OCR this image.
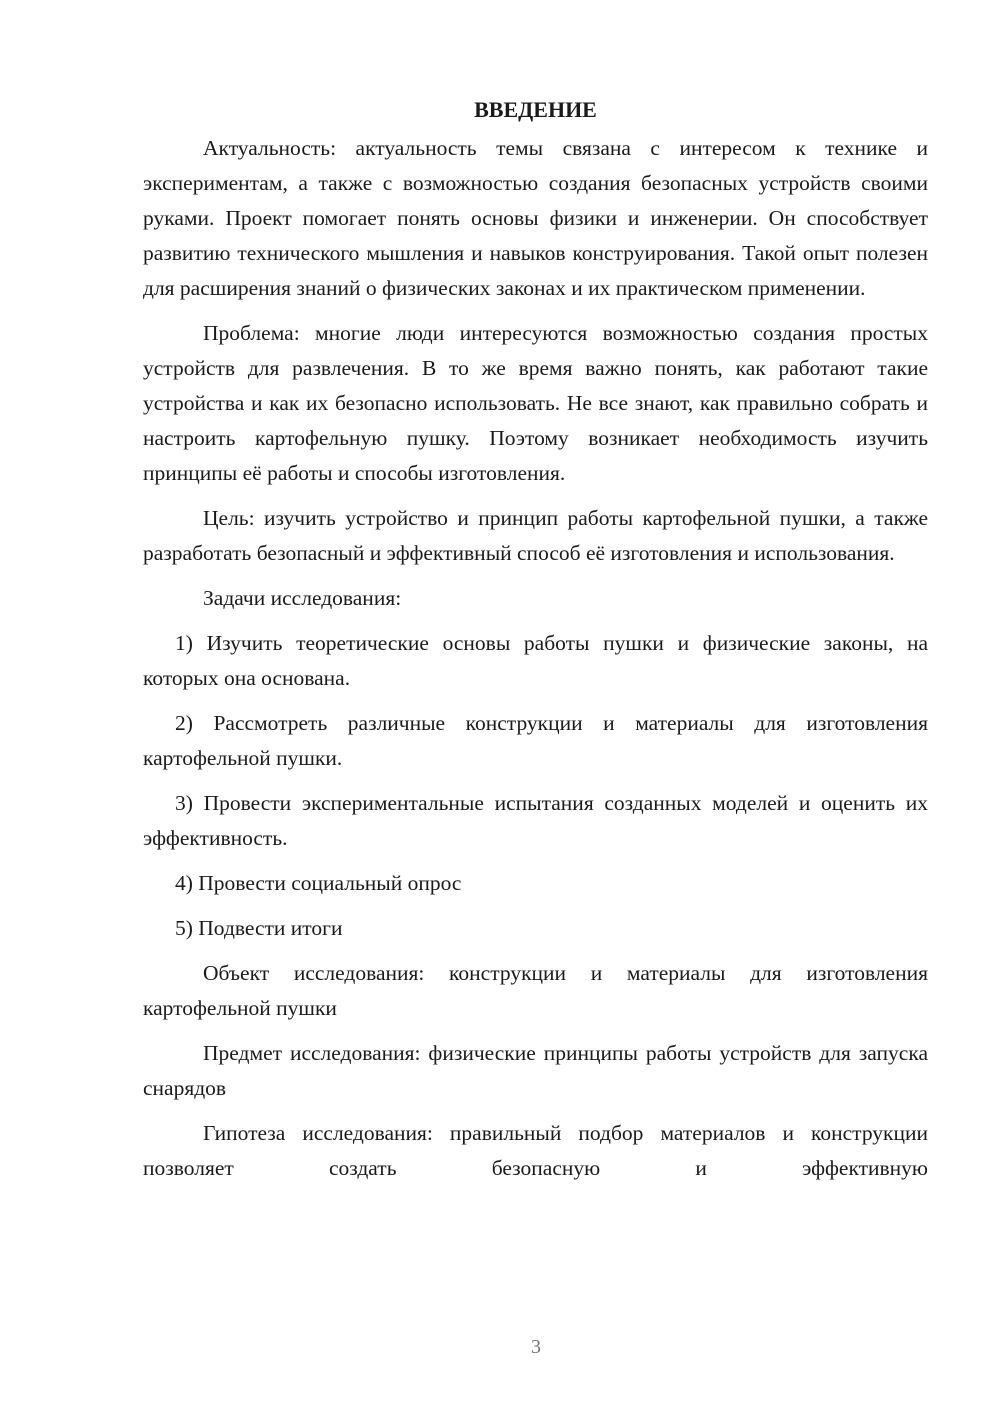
ВВЕДЕНИЕ

Актуальность: актуальность темы связана с интересом к технике и экспериментам, а также с возможностью создания безопасных устройств своими руками. Проект помогает понять основы физики и инженерии. Он способствует развитию технического мышления и навыков конструирования. Такой опыт полезен для расширения знаний о физических законах и их практическом применении.

Проблема: многие люди интересуются возможностью создания простых устройств для развлечения. В то же время важно понять, как работают такие устройства и как их безопасно использовать. Не все знают, как правильно собрать и настроить картофельную пушку. Поэтому возникает необходимость изучить принципы её работы и способы изготовления.

Цель: изучить устройство и принцип работы картофельной пушки, а также разработать безопасный и эффективный способ её изготовления и использования.

Задачи исследования:

1) Изучить теоретические основы работы пушки и физические законы, на которых она основана.

2) Рассмотреть различные конструкции и материалы для изготовления картофельной пушки.

3) Провести экспериментальные испытания созданных моделей и оценить их эффективность.

4) Провести социальный опрос

5) Подвести итоги

Объект исследования: конструкции и материалы для изготовления картофельной пушки

Предмет исследования: физические принципы работы устройств для запуска снарядов

Гипотеза исследования: правильный подбор материалов и конструкции позволяет создать безопасную и эффективную

3
